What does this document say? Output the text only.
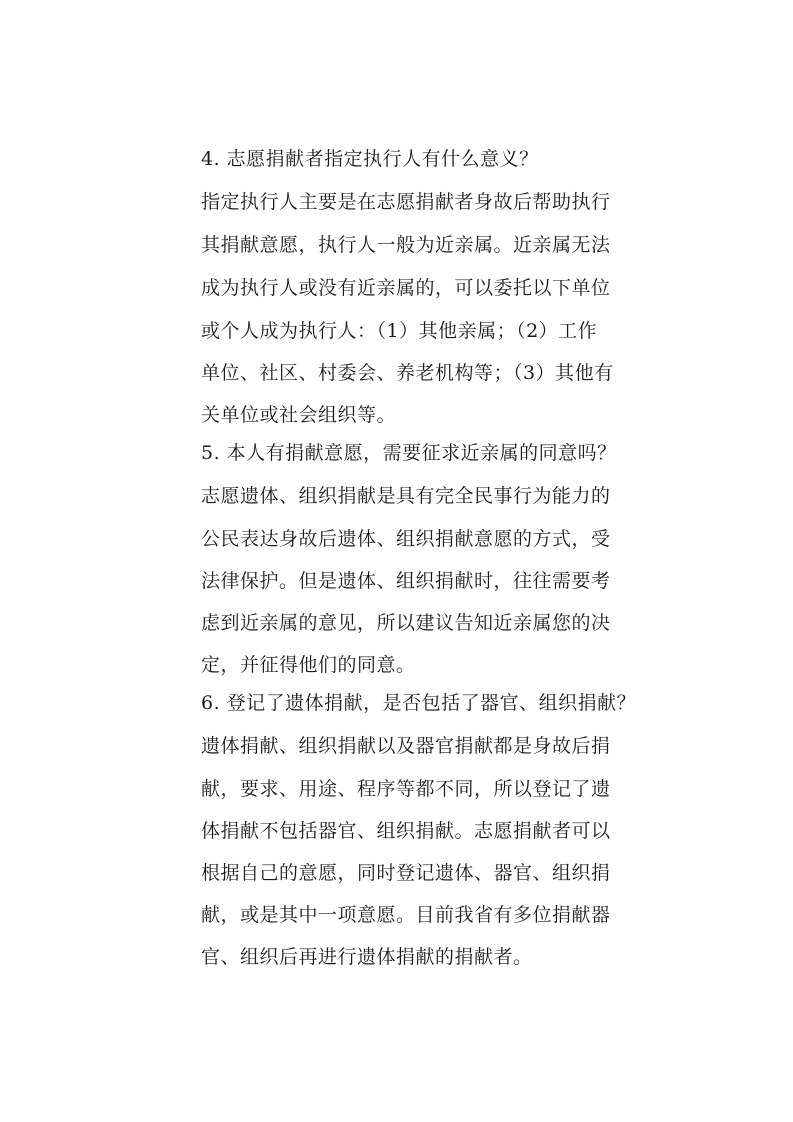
4. 志愿捐献者指定执行人有什么意义？
指定执行人主要是在志愿捐献者身故后帮助执行
其捐献意愿，执行人一般为近亲属。近亲属无法
成为执行人或没有近亲属的，可以委托以下单位
或个人成为执行人：（1）其他亲属；（2）工作
单位、社区、村委会、养老机构等；（3）其他有
关单位或社会组织等。
5. 本人有捐献意愿，需要征求近亲属的同意吗？
志愿遗体、组织捐献是具有完全民事行为能力的
公民表达身故后遗体、组织捐献意愿的方式，受
法律保护。但是遗体、组织捐献时，往往需要考
虑到近亲属的意见，所以建议告知近亲属您的决
定，并征得他们的同意。
6. 登记了遗体捐献，是否包括了器官、组织捐献？
遗体捐献、组织捐献以及器官捐献都是身故后捐
献，要求、用途、程序等都不同，所以登记了遗
体捐献不包括器官、组织捐献。志愿捐献者可以
根据自己的意愿，同时登记遗体、器官、组织捐
献，或是其中一项意愿。目前我省有多位捐献器
官、组织后再进行遗体捐献的捐献者。
